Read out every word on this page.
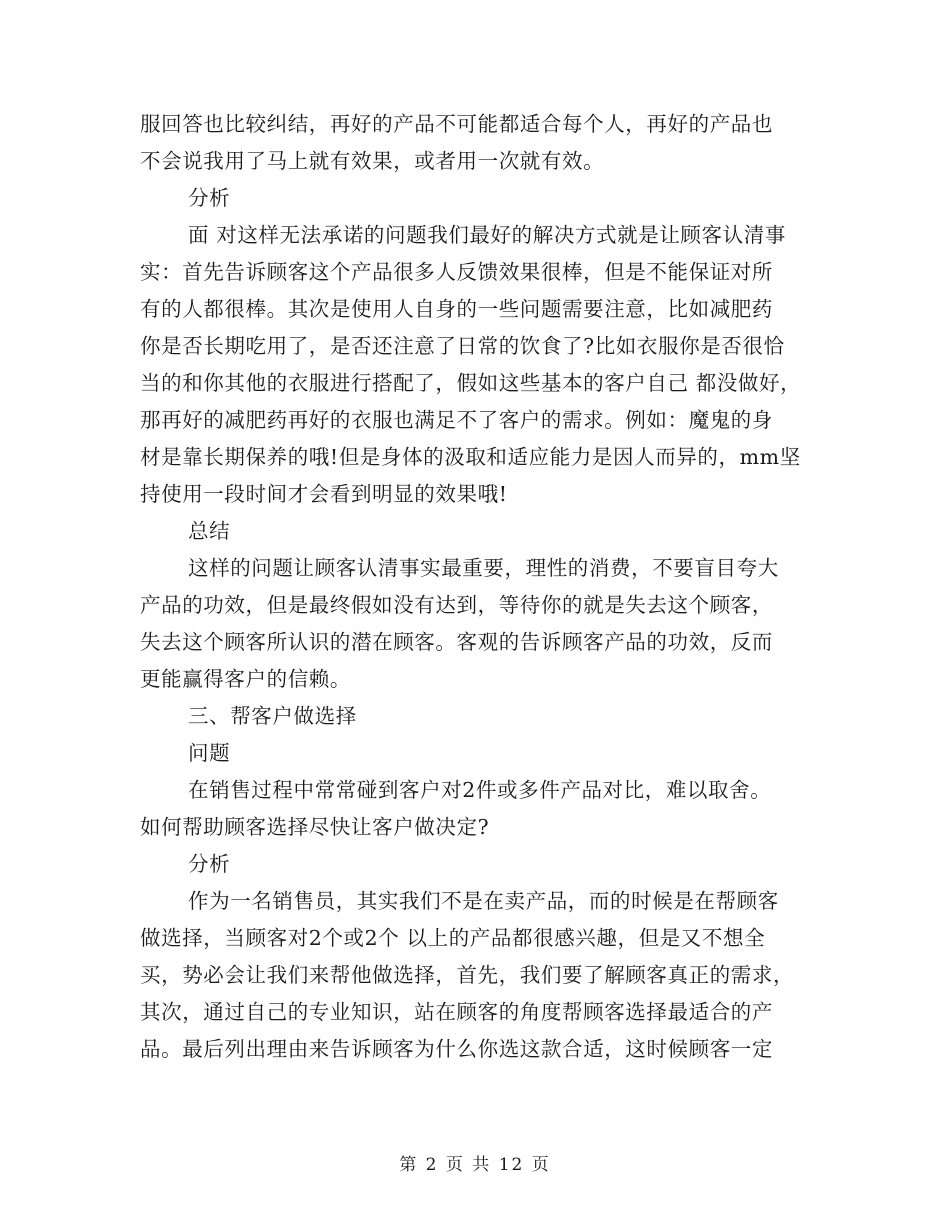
服回答也比较纠结，再好的产品不可能都适合每个人，再好的产品也
不会说我用了马上就有效果，或者用一次就有效。
分析
面 对这样无法承诺的问题我们最好的解决方式就是让顾客认清事
实：首先告诉顾客这个产品很多人反馈效果很棒，但是不能保证对所
有的人都很棒。其次是使用人自身的一些问题需要注意，比如减肥药
你是否长期吃用了，是否还注意了日常的饮食了?比如衣服你是否很恰
当的和你其他的衣服进行搭配了，假如这些基本的客户自己 都没做好，
那再好的减肥药再好的衣服也满足不了客户的需求。例如：魔鬼的身
材是靠长期保养的哦!但是身体的汲取和适应能力是因人而异的，mm坚
持使用一段时间才会看到明显的效果哦!
总结
这样的问题让顾客认清事实最重要，理性的消费，不要盲目夸大
产品的功效，但是最终假如没有达到，等待你的就是失去这个顾客，
失去这个顾客所认识的潜在顾客。客观的告诉顾客产品的功效，反而
更能赢得客户的信赖。
三、帮客户做选择
问题
在销售过程中常常碰到客户对2件或多件产品对比，难以取舍。
如何帮助顾客选择尽快让客户做决定?
分析
作为一名销售员，其实我们不是在卖产品，而的时候是在帮顾客
做选择，当顾客对2个或2个 以上的产品都很感兴趣，但是又不想全
买，势必会让我们来帮他做选择，首先，我们要了解顾客真正的需求，
其次，通过自己的专业知识，站在顾客的角度帮顾客选择最适合的产
品。最后列出理由来告诉顾客为什么你选这款合适，这时候顾客一定
第 2 页 共 12 页
